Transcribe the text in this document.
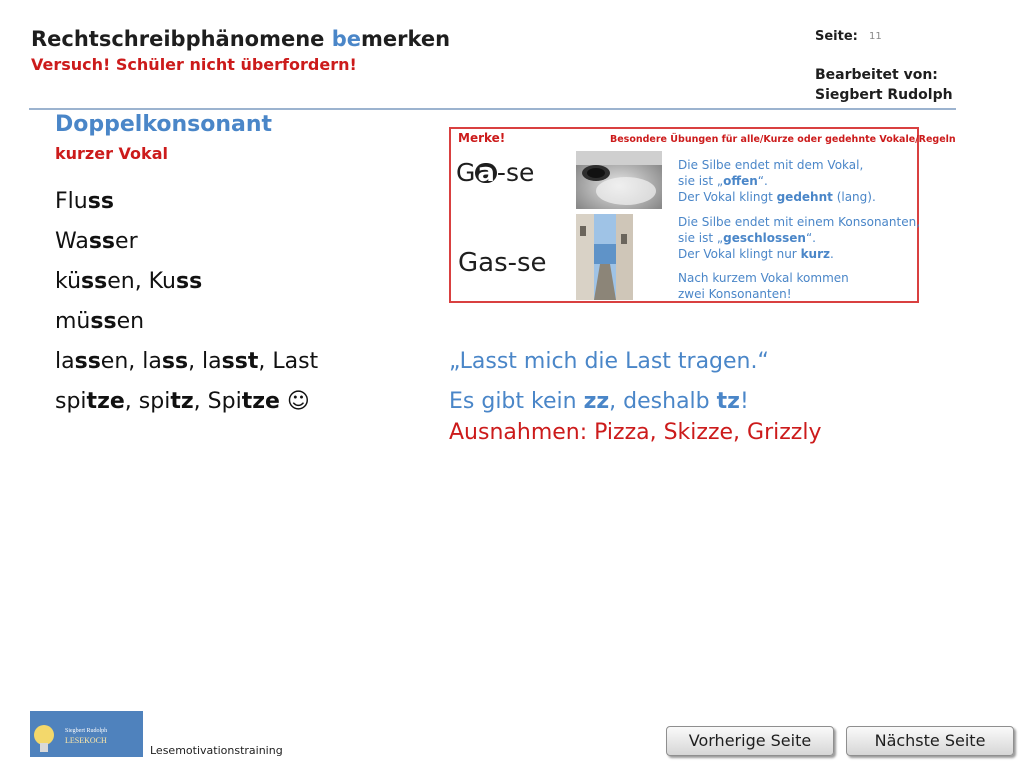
Rechtschreibphänomene bemerken
Versuch! Schüler nicht überfordern!
Seite: 11
Bearbeitet von:
Siegbert Rudolph
Doppelkonsonant
kurzer Vokal
Fluss
Wasser
küssen, Kuss
müssen
lassen, lass, lasst, Last
spitze, spitz, Spitze ☺
Merke!	Besondere Übungen für alle/Kurze oder gedehnte Vokale/Regeln
Ga-se
Gas-se
Die Silbe endet mit dem Vokal,
sie ist „offen“.
Der Vokal klingt gedehnt (lang).
Die Silbe endet mit einem Konsonanten,
sie ist „geschlossen“.
Der Vokal klingt nur kurz.
Nach kurzem Vokal kommen
zwei Konsonanten!
„Lasst mich die Last tragen.“
Es gibt kein zz, deshalb tz!
Ausnahmen: Pizza, Skizze, Grizzly
Siegbert Rudolph
LESEKOCH
Lesemotivationstraining
Vorherige Seite	Nächste Seite
